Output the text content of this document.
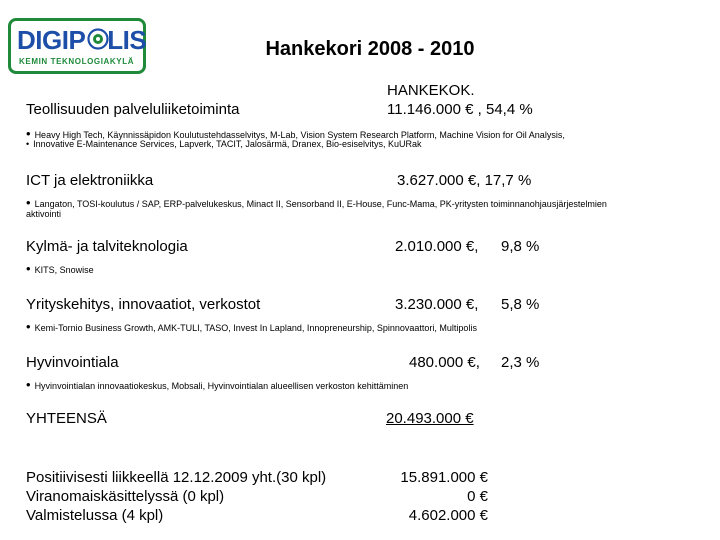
DIGIP LIS
KEMIN TEKNOLOGIAKYLÄ
Hankekori 2008 - 2010
HANKEKOK.
Teollisuuden palveluliiketoiminta	11.146.000 € , 54,4 %
• Heavy High Tech, Käynnissäpidon Koulutustehdasselvitys, M-Lab, Vision System Research Platform, Machine Vision for Oil Analysis,
• Innovative E-Maintenance Services, Lapverk, TACIT, Jalosärmä, Dranex, Bio-esiselvitys, KuURak
ICT ja elektroniikka	3.627.000 €, 17,7 %
• Langaton, TOSI-koulutus / SAP, ERP-palvelukeskus, Minact II, Sensorband II, E-House, Func-Mama, PK-yritysten toiminnanohjausjärjestelmien
aktivointi
Kylmä- ja talviteknologia	2.010.000 €, 9,8 %
• KITS, Snowise
Yrityskehitys, innovaatiot, verkostot	3.230.000 €, 5,8 %
• Kemi-Tornio Business Growth, AMK-TULI, TASO, Invest In Lapland, Innopreneurship, Spinnovaattori, Multipolis
Hyvinvointiala	480.000 €, 2,3 %
• Hyvinvointialan innovaatiokeskus, Mobsali, Hyvinvointialan alueellisen verkoston kehittäminen
YHTEENSÄ	20.493.000 €
Positiivisesti liikkeellä 12.12.2009 yht.(30 kpl)	15.891.000 €
Viranomaiskäsittelyssä (0 kpl)	0 €
Valmistelussa (4 kpl)	4.602.000 €
